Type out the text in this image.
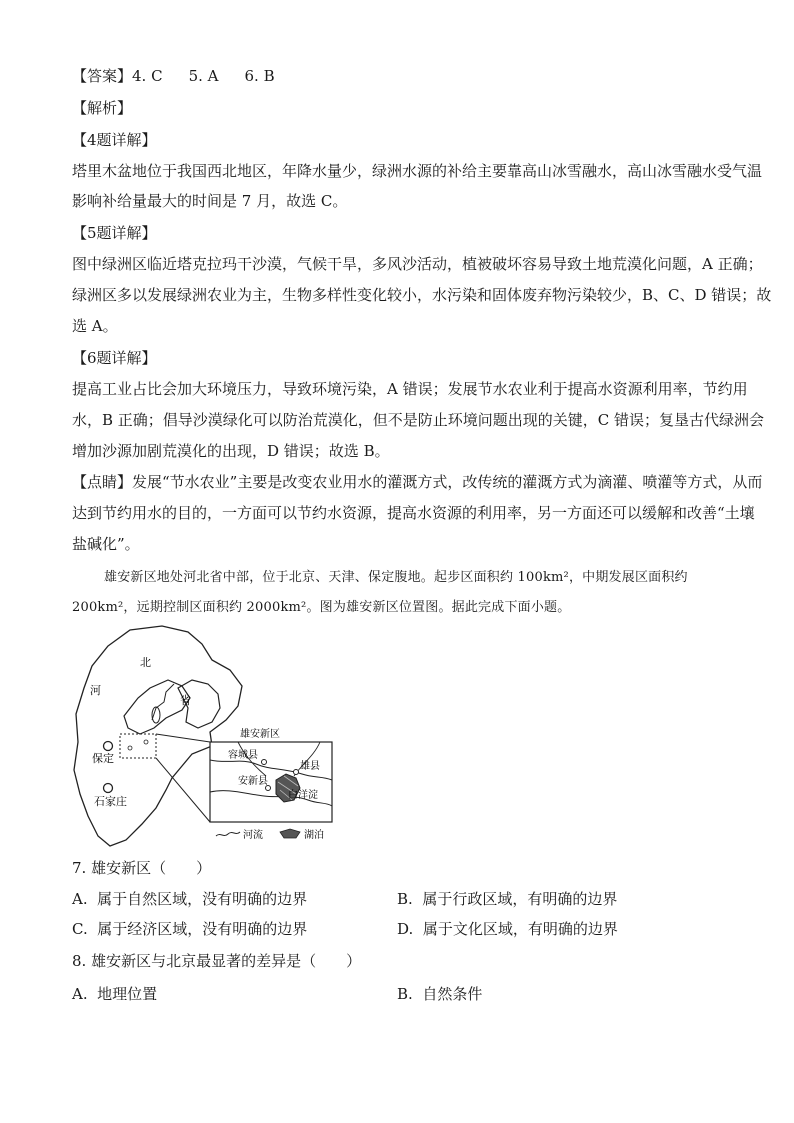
【答案】4. C 5. A 6. B
【解析】
【4题详解】
塔里木盆地位于我国西北地区，年降水量少，绿洲水源的补给主要靠高山冰雪融水，高山冰雪融水受气温
影响补给量最大的时间是 7 月，故选 C。
【5题详解】
图中绿洲区临近塔克拉玛干沙漠，气候干旱，多风沙活动，植被破坏容易导致土地荒漠化问题，A 正确；
绿洲区多以发展绿洲农业为主，生物多样性变化较小，水污染和固体废弃物污染较少，B、C、D 错误；故
选 A。
【6题详解】
提高工业占比会加大环境压力，导致环境污染，A 错误；发展节水农业利于提高水资源利用率，节约用
水，B 正确；倡导沙漠绿化可以防治荒漠化，但不是防止环境问题出现的关键，C 错误；复垦古代绿洲会
增加沙源加剧荒漠化的出现，D 错误；故选 B。
【点睛】发展“节水农业”主要是改变农业用水的灌溉方式，改传统的灌溉方式为滴灌、喷灌等方式，从而
达到节约用水的目的，一方面可以节约水资源，提高水资源的利用率，另一方面还可以缓解和改善“土壤
盐碱化”。
雄安新区地处河北省中部，位于北京、天津、保定腹地。起步区面积约 100km²，中期发展区面积约
200km²，远期控制区面积约 2000km²。图为雄安新区位置图。据此完成下面小题。
北
河
省
保定
石家庄
雄安新区
容城县
雄县
安新县
白洋淀
河流	湖泊
7. 雄安新区（　　）
A. 属于自然区域，没有明确的边界	B. 属于行政区域，有明确的边界
C. 属于经济区域，没有明确的边界	D. 属于文化区域，有明确的边界
8. 雄安新区与北京最显著的差异是（　　）
A. 地理位置	B. 自然条件
